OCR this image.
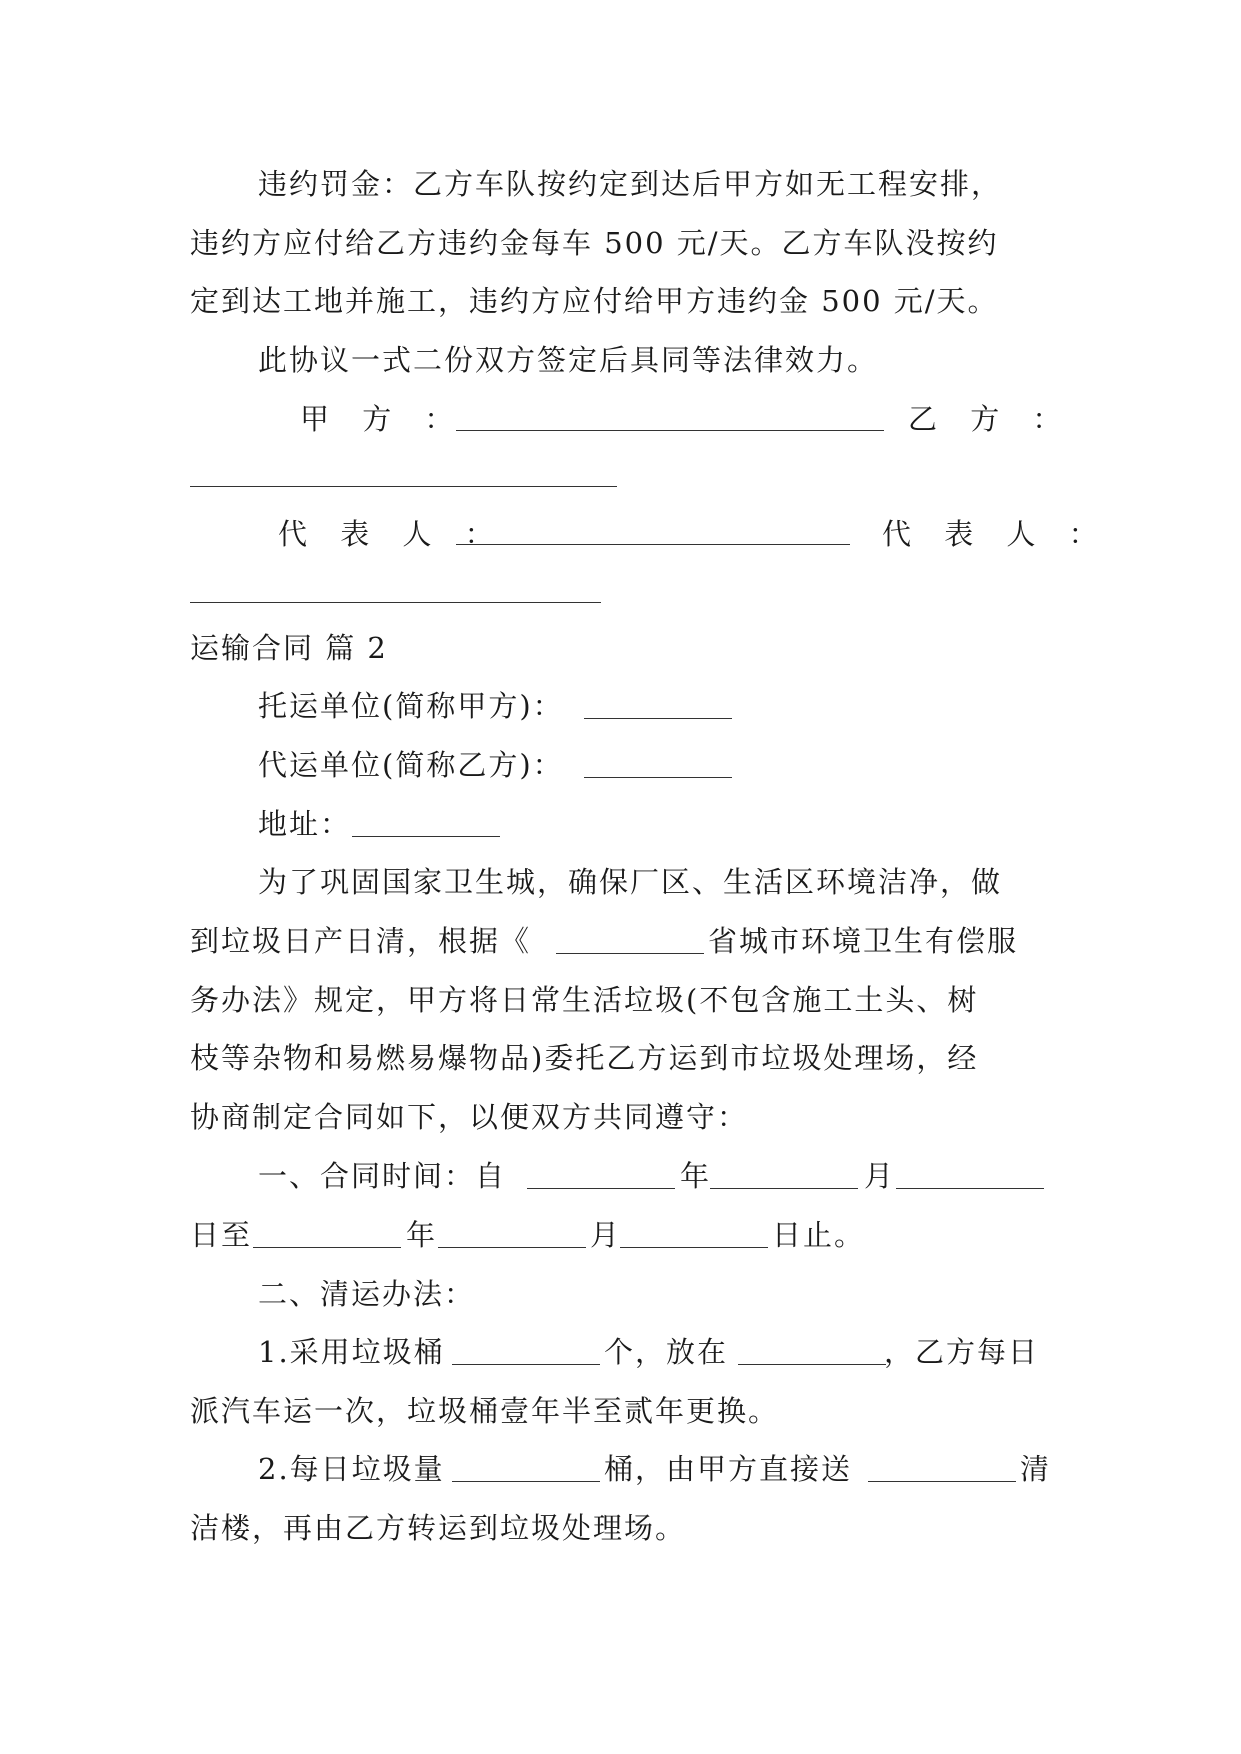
违约罚金：乙方车队按约定到达后甲方如无工程安排，
违约方应付给乙方违约金每车 500 元/天。乙方车队没按约
定到达工地并施工，违约方应付给甲方违约金 500 元/天。
此协议一式二份双方签定后具同等法律效力。
甲 方 ：	乙 方 ：
代 表 人 ：	代 表 人 ：
运输合同 篇 2
托运单位(简称甲方)：
代运单位(简称乙方)：
地址：
为了巩固国家卫生城，确保厂区、生活区环境洁净，做
到垃圾日产日清，根据《	省城市环境卫生有偿服
务办法》规定，甲方将日常生活垃圾(不包含施工土头、树
枝等杂物和易燃易爆物品)委托乙方运到市垃圾处理场，经
协商制定合同如下，以便双方共同遵守：
一、合同时间：自	年	月
日至	年	月	日止。
二、清运办法：
1.采用垃圾桶	个，放在	，乙方每日
派汽车运一次，垃圾桶壹年半至贰年更换。
2.每日垃圾量	桶，由甲方直接送	清
洁楼，再由乙方转运到垃圾处理场。
